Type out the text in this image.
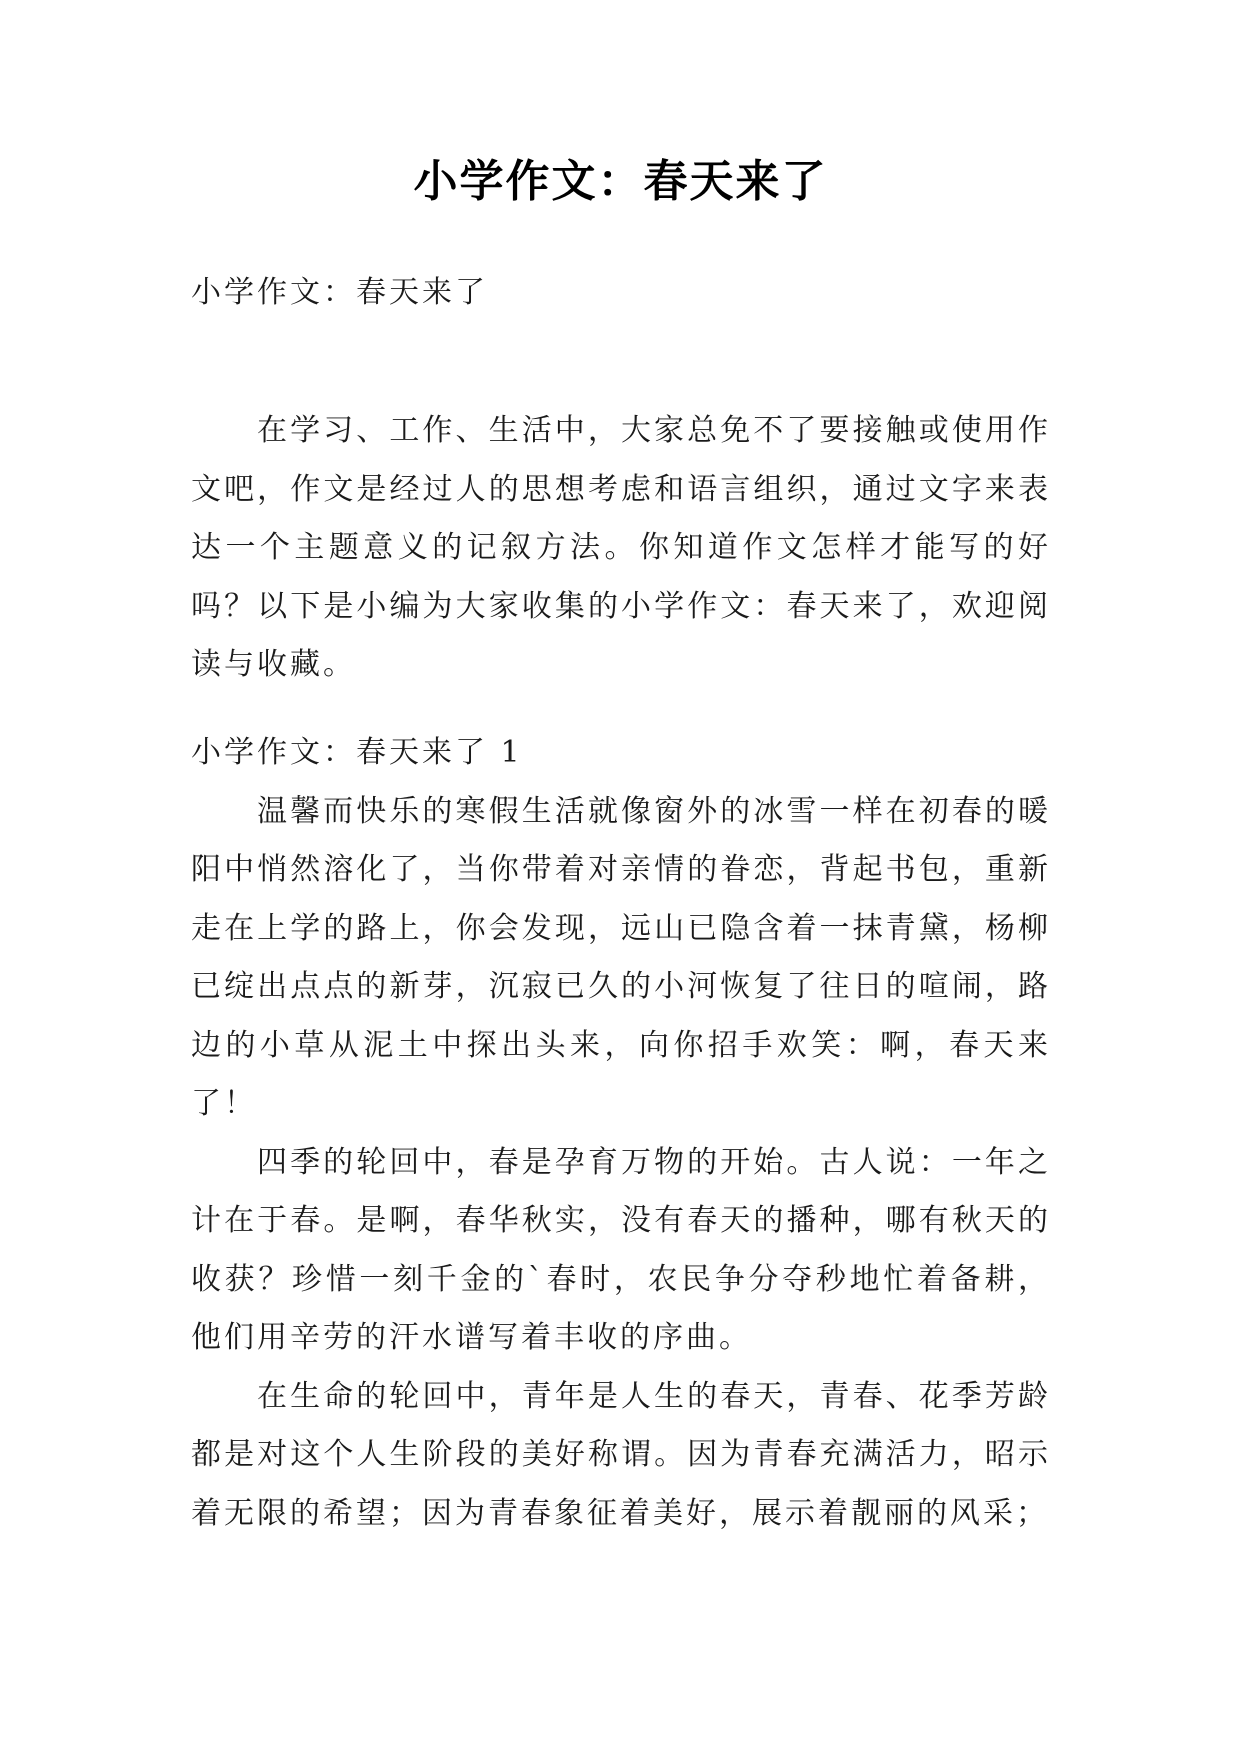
小学作文：春天来了

小学作文：春天来了

在学习、工作、生活中，大家总免不了要接触或使用作文吧，作文是经过人的思想考虑和语言组织，通过文字来表达一个主题意义的记叙方法。你知道作文怎样才能写的好吗？以下是小编为大家收集的小学作文：春天来了，欢迎阅读与收藏。

小学作文：春天来了 1

温馨而快乐的寒假生活就像窗外的冰雪一样在初春的暖阳中悄然溶化了，当你带着对亲情的眷恋，背起书包，重新走在上学的路上，你会发现，远山已隐含着一抹青黛，杨柳已绽出点点的新芽，沉寂已久的小河恢复了往日的喧闹，路边的小草从泥土中探出头来，向你招手欢笑：啊，春天来了！

四季的轮回中，春是孕育万物的开始。古人说：一年之计在于春。是啊，春华秋实，没有春天的播种，哪有秋天的收获？珍惜一刻千金的`春时，农民争分夺秒地忙着备耕，他们用辛劳的汗水谱写着丰收的序曲。

在生命的轮回中，青年是人生的春天，青春、花季芳龄都是对这个人生阶段的美好称谓。因为青春充满活力，昭示着无限的希望；因为青春象征着美好，展示着靓丽的风采；
